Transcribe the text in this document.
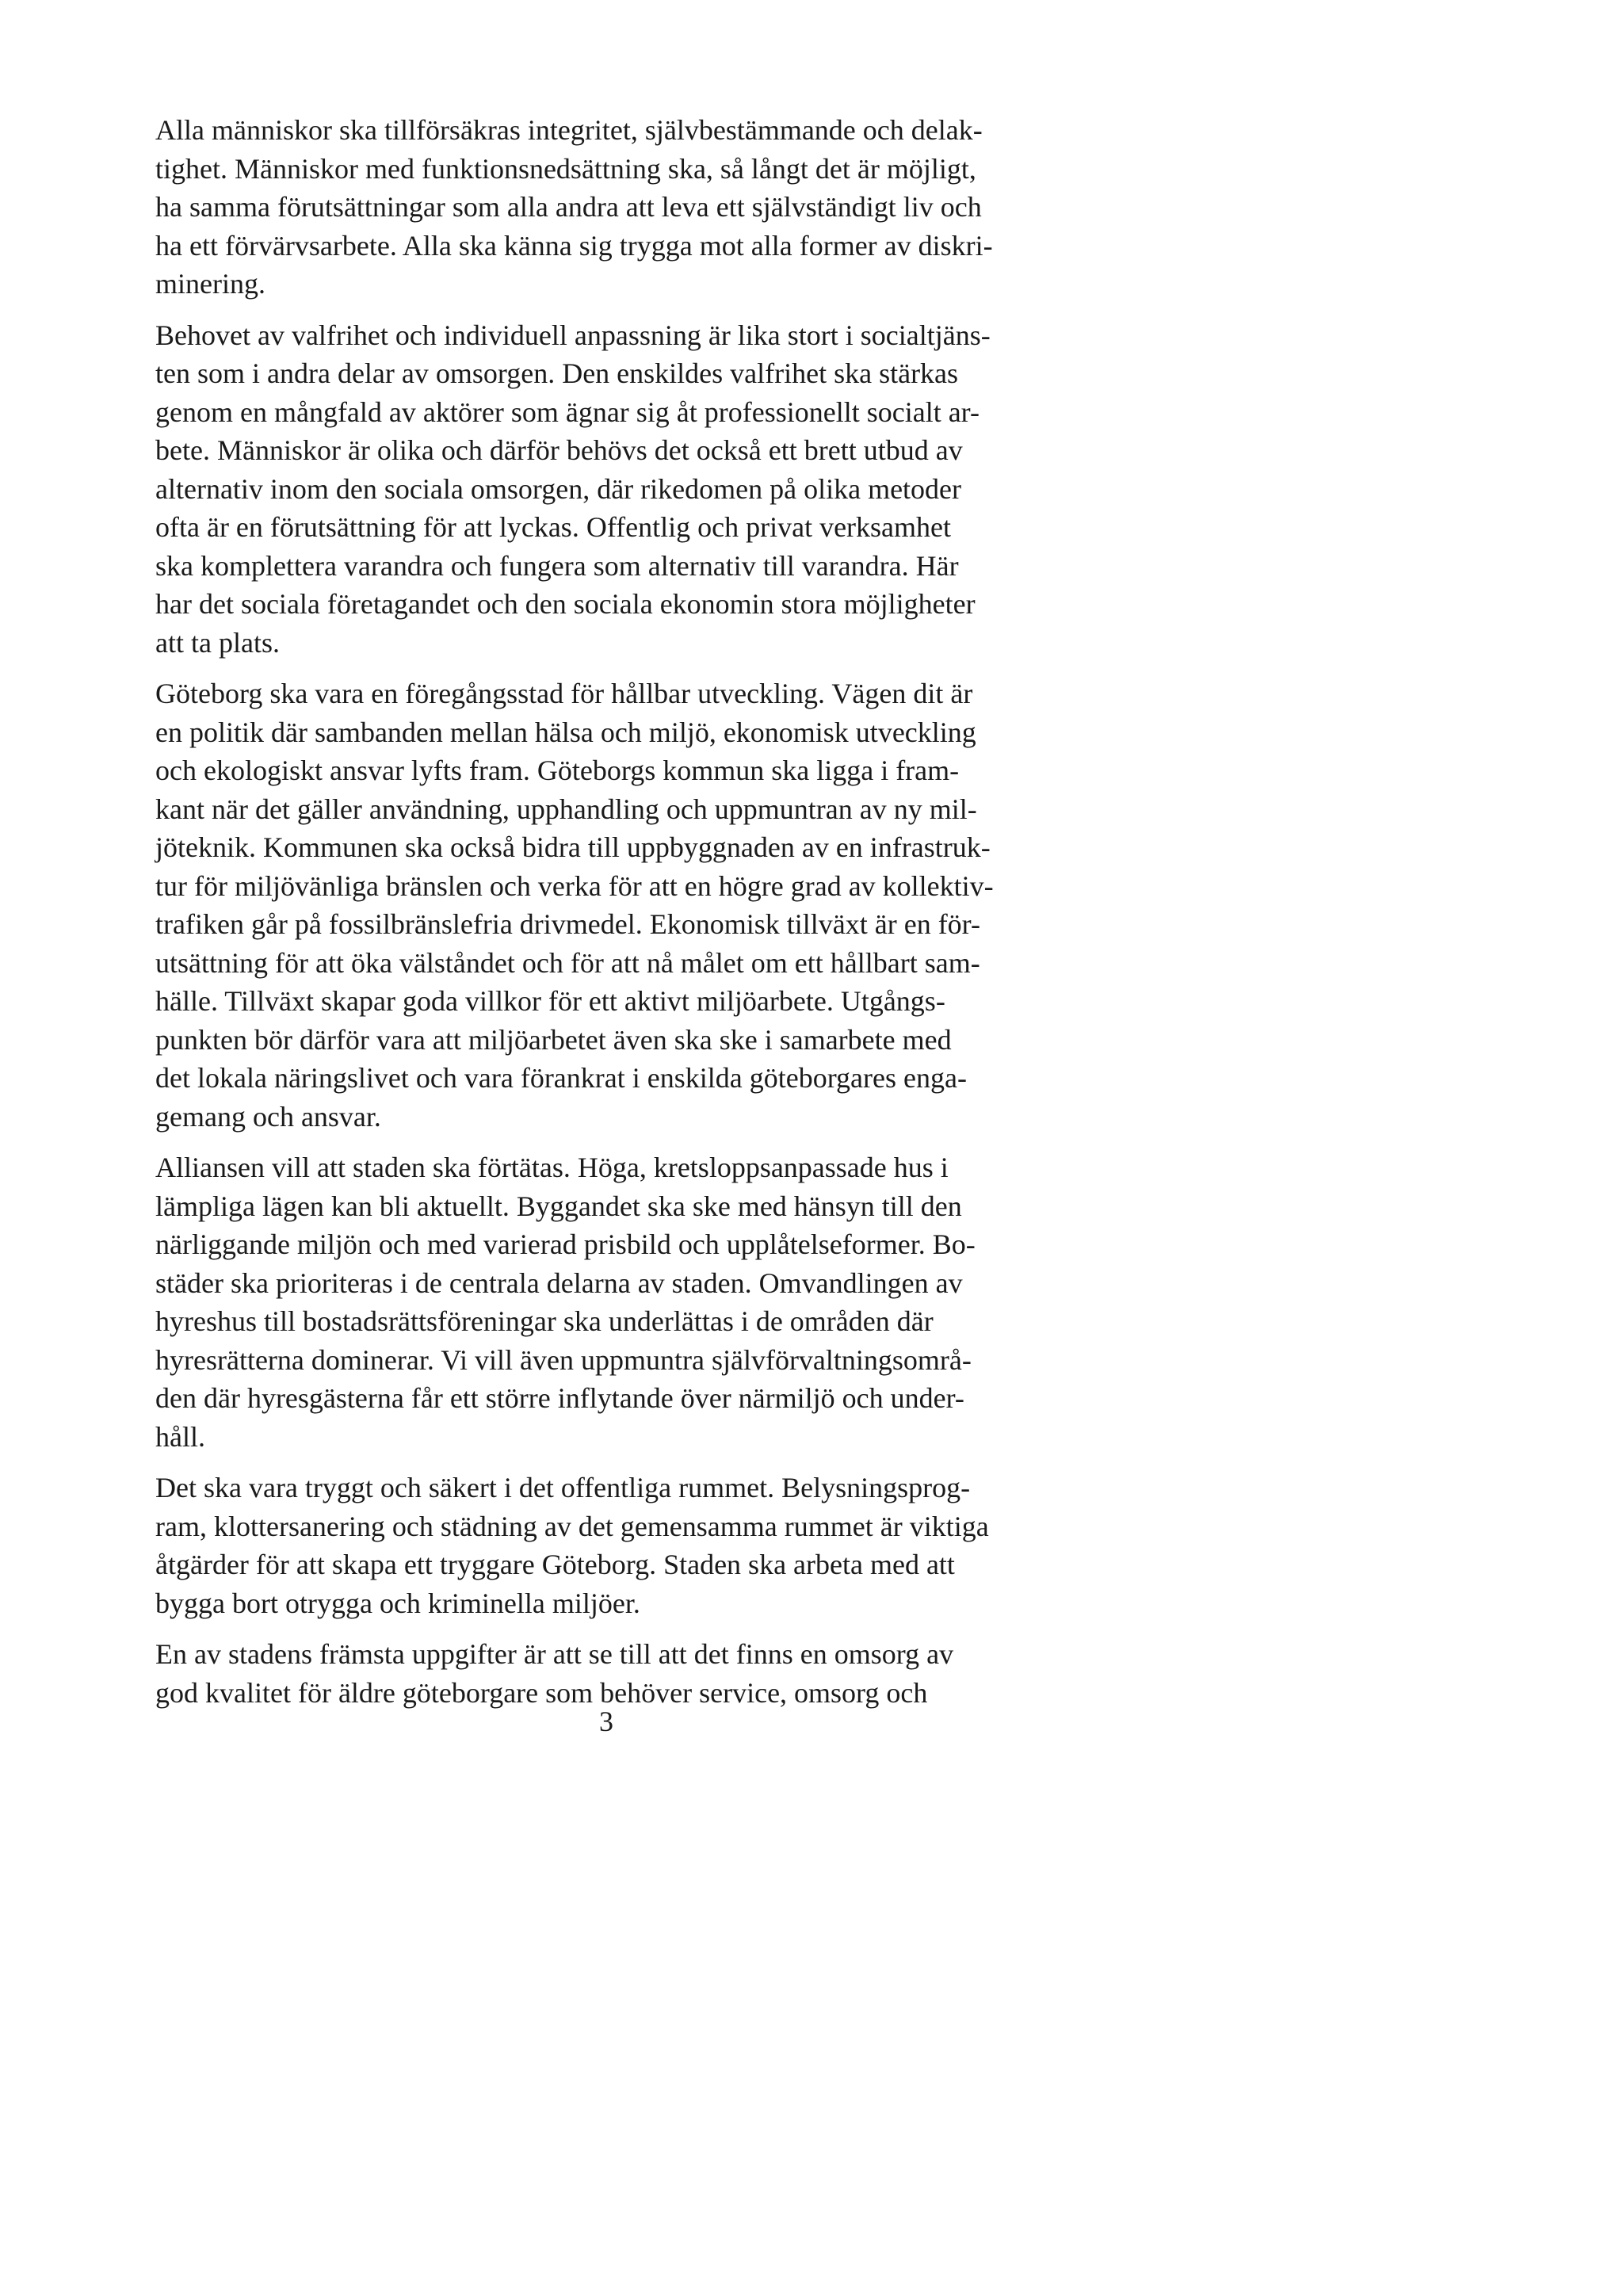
Alla människor ska tillförsäkras integritet, självbestämmande och delak-
tighet. Människor med funktionsnedsättning ska, så långt det är möjligt,
ha samma förutsättningar som alla andra att leva ett självständigt liv och
ha ett förvärvsarbete. Alla ska känna sig trygga mot alla former av diskri-
minering.

Behovet av valfrihet och individuell anpassning är lika stort i socialtjäns-
ten som i andra delar av omsorgen. Den enskildes valfrihet ska stärkas
genom en mångfald av aktörer som ägnar sig åt professionellt socialt ar-
bete. Människor är olika och därför behövs det också ett brett utbud av
alternativ inom den sociala omsorgen, där rikedomen på olika metoder
ofta är en förutsättning för att lyckas. Offentlig och privat verksamhet
ska komplettera varandra och fungera som alternativ till varandra. Här
har det sociala företagandet och den sociala ekonomin stora möjligheter
att ta plats.

Göteborg ska vara en föregångsstad för hållbar utveckling. Vägen dit är
en politik där sambanden mellan hälsa och miljö, ekonomisk utveckling
och ekologiskt ansvar lyfts fram. Göteborgs kommun ska ligga i fram-
kant när det gäller användning, upphandling och uppmuntran av ny mil-
jöteknik. Kommunen ska också bidra till uppbyggnaden av en infrastruk-
tur för miljövänliga bränslen och verka för att en högre grad av kollektiv-
trafiken går på fossilbränslefria drivmedel. Ekonomisk tillväxt är en för-
utsättning för att öka välståndet och för att nå målet om ett hållbart sam-
hälle. Tillväxt skapar goda villkor för ett aktivt miljöarbete. Utgångs-
punkten bör därför vara att miljöarbetet även ska ske i samarbete med
det lokala näringslivet och vara förankrat i enskilda göteborgares enga-
gemang och ansvar.

Alliansen vill att staden ska förtätas. Höga, kretsloppsanpassade hus i
lämpliga lägen kan bli aktuellt. Byggandet ska ske med hänsyn till den
närliggande miljön och med varierad prisbild och upplåtelseformer. Bo-
städer ska prioriteras i de centrala delarna av staden. Omvandlingen av
hyreshus till bostadsrättsföreningar ska underlättas i de områden där
hyresrätterna dominerar. Vi vill även uppmuntra självförvaltningsområ-
den där hyresgästerna får ett större inflytande över närmiljö och under-
håll.

Det ska vara tryggt och säkert i det offentliga rummet. Belysningsprog-
ram, klottersanering och städning av det gemensamma rummet är viktiga
åtgärder för att skapa ett tryggare Göteborg. Staden ska arbeta med att
bygga bort otrygga och kriminella miljöer.

En av stadens främsta uppgifter är att se till att det finns en omsorg av
god kvalitet för äldre göteborgare som behöver service, omsorg och

3
